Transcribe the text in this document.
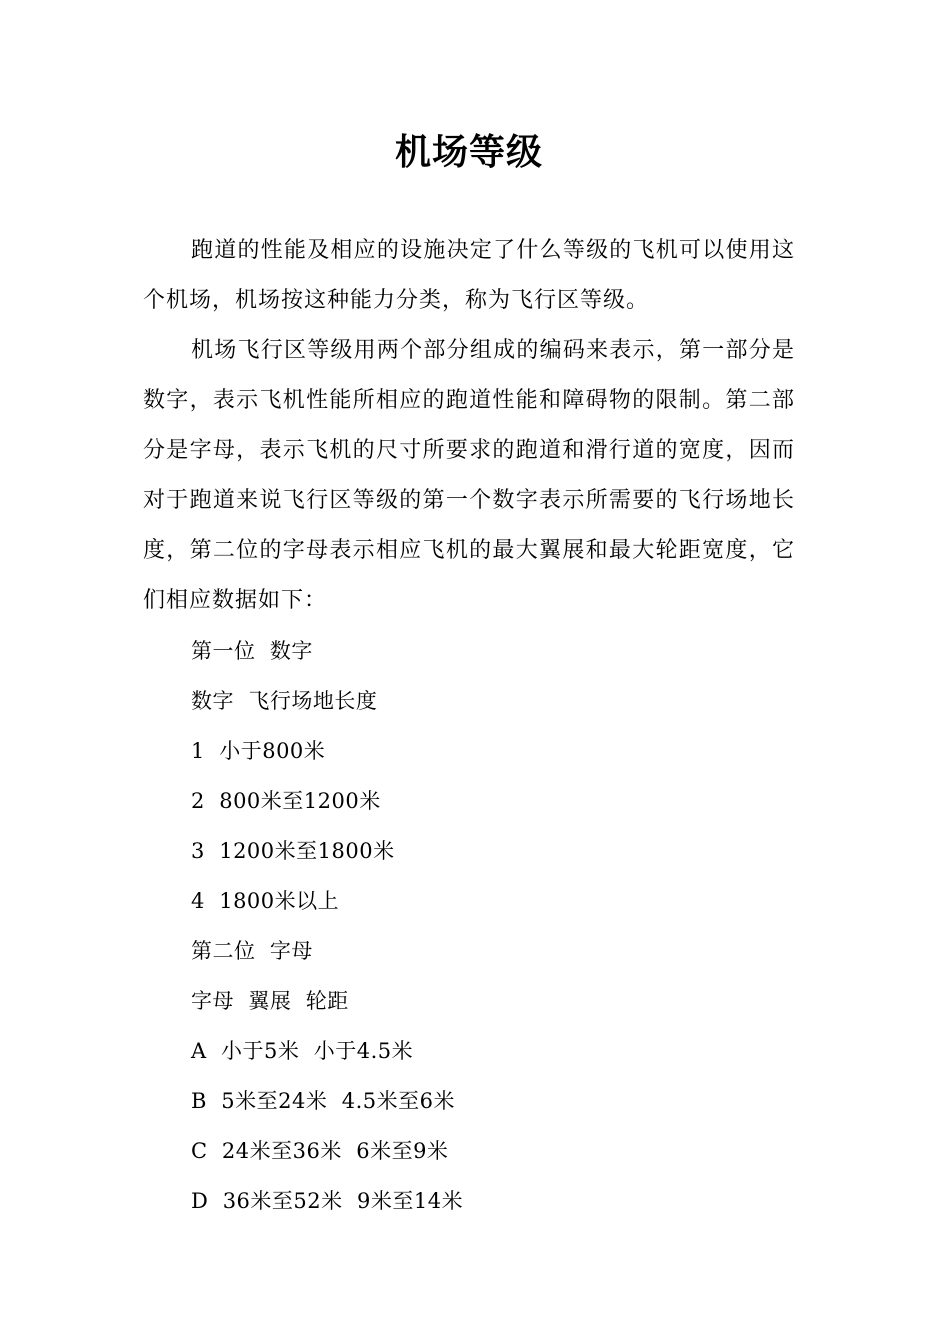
机场等级

跑道的性能及相应的设施决定了什么等级的飞机可以使用这个机场，机场按这种能力分类，称为飞行区等级。

机场飞行区等级用两个部分组成的编码来表示，第一部分是数字，表示飞机性能所相应的跑道性能和障碍物的限制。第二部分是字母，表示飞机的尺寸所要求的跑道和滑行道的宽度，因而对于跑道来说飞行区等级的第一个数字表示所需要的飞行场地长度，第二位的字母表示相应飞机的最大翼展和最大轮距宽度，它们相应数据如下：

第一位  数字

数字  飞行场地长度

1  小于800米

2  800米至1200米

3  1200米至1800米

4  1800米以上

第二位  字母

字母  翼展  轮距

A  小于5米  小于4.5米

B  5米至24米  4.5米至6米

C  24米至36米  6米至9米

D  36米至52米  9米至14米
